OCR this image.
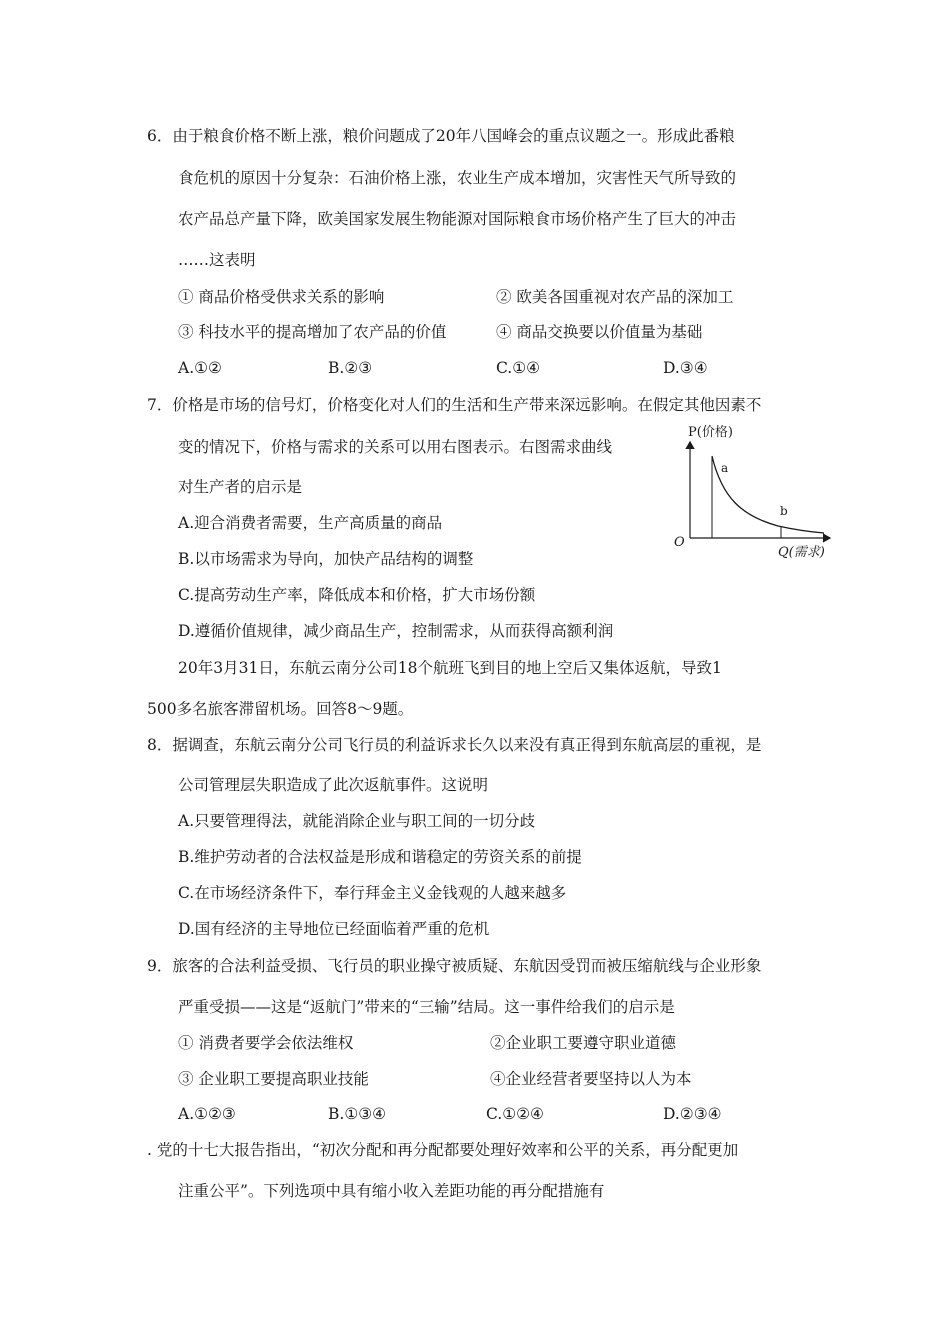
6．由于粮食价格不断上涨，粮价问题成了20年八国峰会的重点议题之一。形成此番粮
食危机的原因十分复杂：石油价格上涨，农业生产成本增加，灾害性天气所导致的
农产品总产量下降，欧美国家发展生物能源对国际粮食市场价格产生了巨大的冲击
……这表明
① 商品价格受供求关系的影响	② 欧美各国重视对农产品的深加工
③ 科技水平的提高增加了农产品的价值	④ 商品交换要以价值量为基础
A.①②	B.②③	C.①④	D.③④
7．价格是市场的信号灯，价格变化对人们的生活和生产带来深远影响。在假定其他因素不
变的情况下，价格与需求的关系可以用右图表示。右图需求曲线
对生产者的启示是
A.迎合消费者需要，生产高质量的商品
B.以市场需求为导向，加快产品结构的调整
C.提高劳动生产率，降低成本和价格，扩大市场份额
D.遵循价值规律，减少商品生产，控制需求，从而获得高额利润
P(价格)
Q(需求)
O
a
b
20年3月31日，东航云南分公司18个航班飞到目的地上空后又集体返航，导致1
500多名旅客滞留机场。回答8～9题。
8．据调查，东航云南分公司飞行员的利益诉求长久以来没有真正得到东航高层的重视，是
公司管理层失职造成了此次返航事件。这说明
A.只要管理得法，就能消除企业与职工间的一切分歧
B.维护劳动者的合法权益是形成和谐稳定的劳资关系的前提
C.在市场经济条件下，奉行拜金主义金钱观的人越来越多
D.国有经济的主导地位已经面临着严重的危机
9．旅客的合法利益受损、飞行员的职业操守被质疑、东航因受罚而被压缩航线与企业形象
严重受损——这是“返航门”带来的“三输”结局。这一事件给我们的启示是
① 消费者要学会依法维权	②企业职工要遵守职业道德
③ 企业职工要提高职业技能	④企业经营者要坚持以人为本
A.①②③	B.①③④	C.①②④	D.②③④
. 党的十七大报告指出，“初次分配和再分配都要处理好效率和公平的关系，再分配更加
注重公平”。下列选项中具有缩小收入差距功能的再分配措施有
